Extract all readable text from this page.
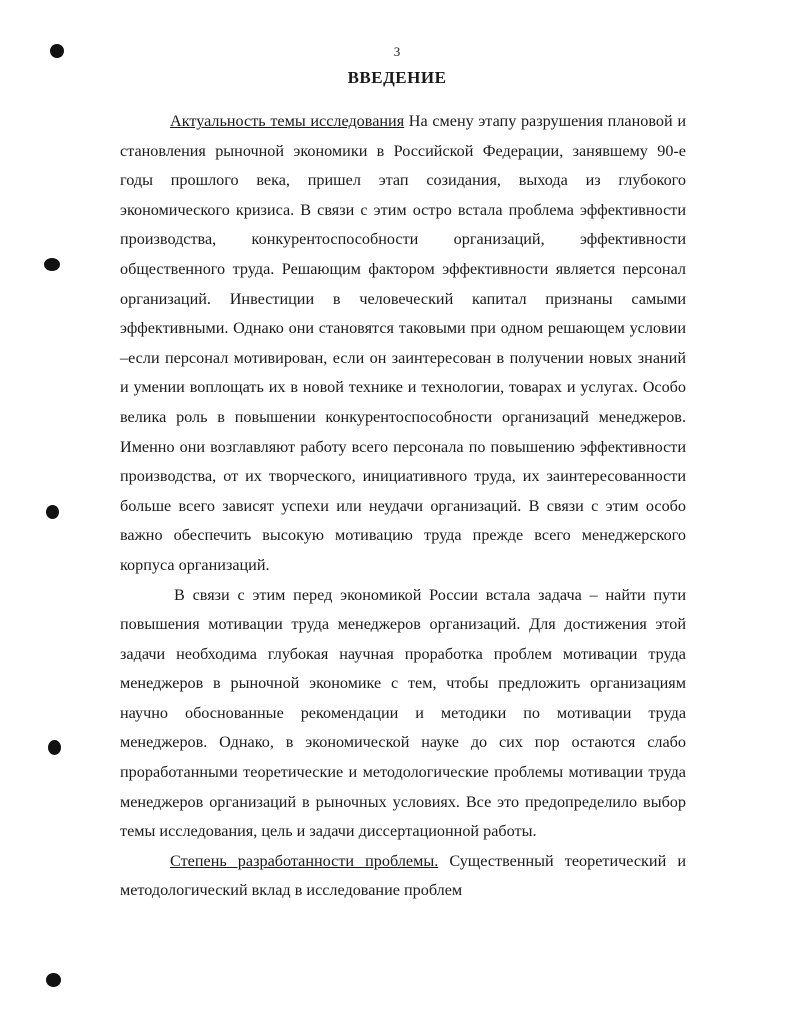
3
ВВЕДЕНИЕ

Актуальность темы исследования На смену этапу разрушения плановой и становления рыночной экономики в Российской Федерации, занявшему 90-е годы прошлого века, пришел этап созидания, выхода из глубокого экономического кризиса. В связи с этим остро встала проблема эффективности производства, конкурентоспособности организаций, эффективности общественного труда. Решающим фактором эффективности является персонал организаций. Инвестиции в человеческий капитал признаны самыми эффективными. Однако они становятся таковыми при одном решающем условии –если персонал мотивирован, если он заинтересован в получении новых знаний и умении воплощать их в новой технике и технологии, товарах и услугах. Особо велика роль в повышении конкурентоспособности организаций менеджеров. Именно они возглавляют работу всего персонала по повышению эффективности производства, от их творческого, инициативного труда, их заинтересованности больше всего зависят успехи или неудачи организаций. В связи с этим особо важно обеспечить высокую мотивацию труда прежде всего менеджерского корпуса организаций.

В связи с этим перед экономикой России встала задача – найти пути повышения мотивации труда менеджеров организаций. Для достижения этой задачи необходима глубокая научная проработка проблем мотивации труда менеджеров в рыночной экономике с тем, чтобы предложить организациям научно обоснованные рекомендации и методики по мотивации труда менеджеров. Однако, в экономической науке до сих пор остаются слабо проработанными теоретические и методологические проблемы мотивации труда менеджеров организаций в рыночных условиях. Все это предопределило выбор темы исследования, цель и задачи диссертационной работы.

Степень разработанности проблемы. Существенный теоретический и методологический вклад в исследование проблем
